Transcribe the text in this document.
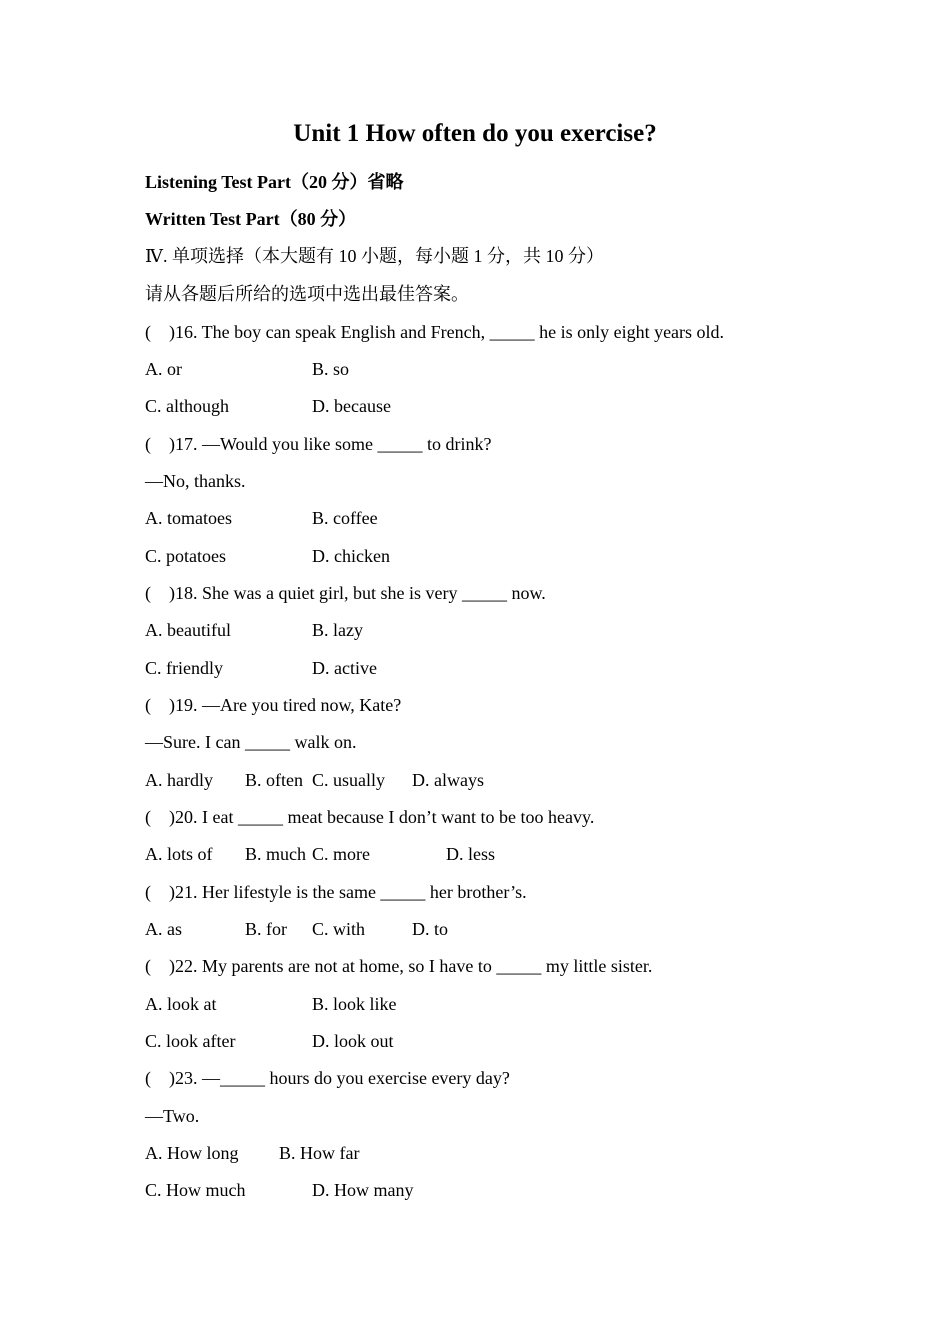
Unit 1 How often do you exercise?
Listening Test Part（20 分）省略
Written Test Part（80 分）
Ⅳ. 单项选择（本大题有 10 小题，每小题 1 分，共 10 分）
请从各题后所给的选项中选出最佳答案。
(    )16. The boy can speak English and French, _____ he is only eight years old.
A. or	B. so
C. although	D. because
(    )17. —Would you like some _____ to drink?
—No, thanks.
A. tomatoes	B. coffee
C. potatoes	D. chicken
(    )18. She was a quiet girl, but she is very _____ now.
A. beautiful	B. lazy
C. friendly	D. active
(    )19. —Are you tired now, Kate?
—Sure. I can _____ walk on.
A. hardly B. often C. usually D. always
(    )20. I eat _____ meat because I don’t want to be too heavy.
A. lots of B. much C. more	D. less
(    )21. Her lifestyle is the same _____ her brother’s.
A. as	B. for C. with	D. to
(    )22. My parents are not at home, so I have to _____ my little sister.
A. look at	B. look like
C. look after	D. look out
(    )23. —_____ hours do you exercise every day?
—Two.
A. How long B. How far
C. How much	D. How many
